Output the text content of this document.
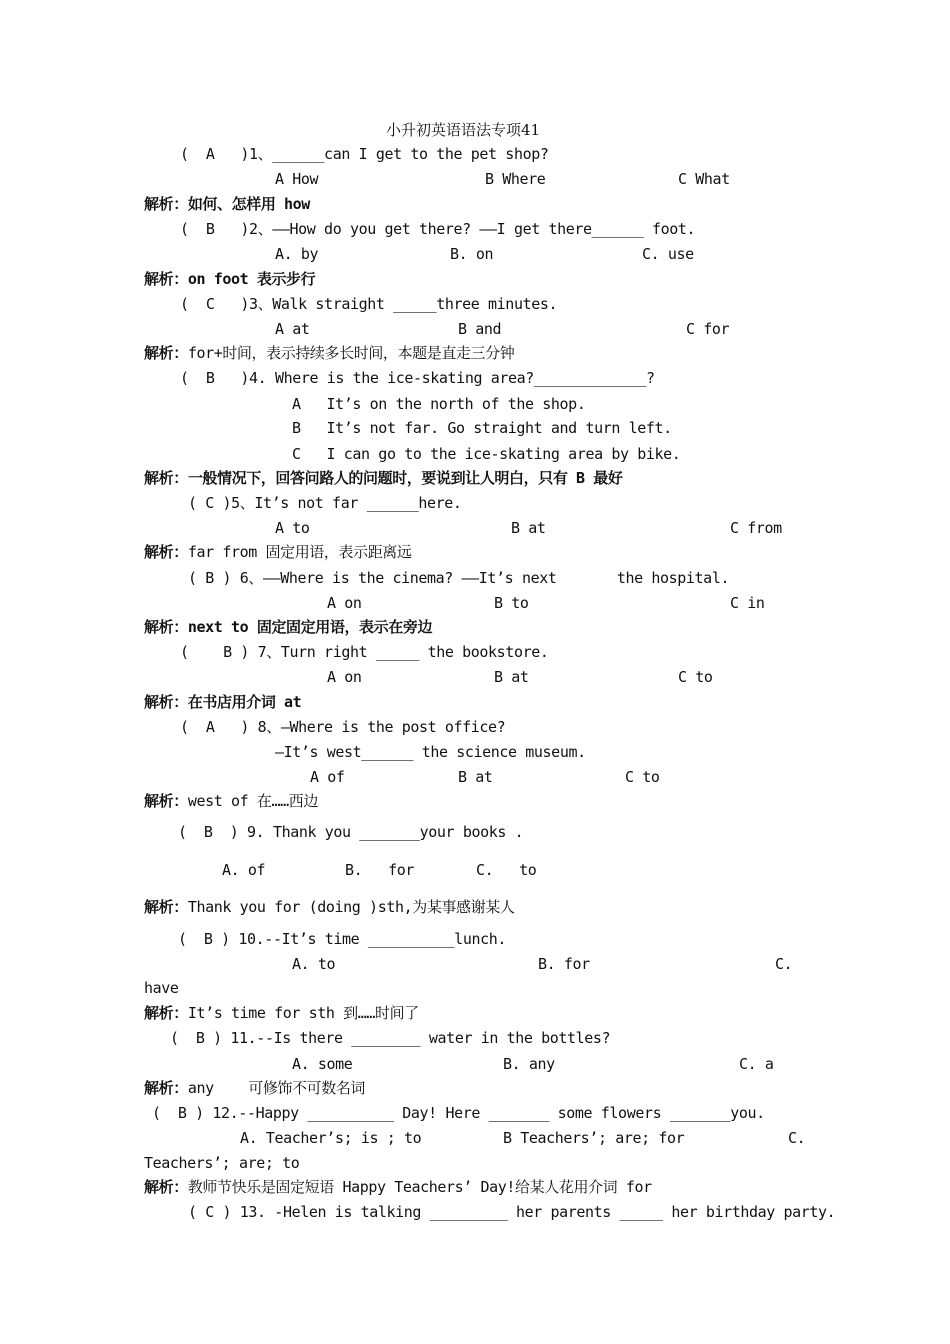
小升初英语语法专项41
(  A   )1、______can I get to the pet shop?
A How	B Where	C What
解析：如何、怎样用 how
(  B   )2、——How do you get there? ——I get there______ foot.
A. by	B. on	C. use
解析：on foot 表示步行
(  C   )3、Walk straight _____three minutes.
A at	B and	C for
解析：for+时间，表示持续多长时间，本题是直走三分钟
(  B   )4. Where is the ice-skating area?_____________?
A   It’s on the north of the shop.
B   It’s not far. Go straight and turn left.
C   I can go to the ice-skating area by bike.
解析：一般情况下，回答问路人的问题时，要说到让人明白，只有 B 最好
( C )5、It’s not far ______here.
A to	B at	C from
解析：far from 固定用语，表示距离远
( B ) 6、——Where is the cinema? ——It’s next       the hospital.
A on	B to	C in
解析：next to 固定固定用语，表示在旁边
(    B ) 7、Turn right _____ the bookstore.
A on	B at	C to
解析：在书店用介词 at
(  A   ) 8、—Where is the post office?
—It’s west______ the science museum.
A of	B at	C to
解析：west of 在……西边
(  B  ) 9. Thank you _______your books .
A. of	B.   for	C.   to
解析：Thank you for (doing )sth,为某事感谢某人
(  B ) 10.--It’s time __________lunch.
A. to	B. for	C.
have
解析：It’s time for sth 到……时间了
(  B ) 11.--Is there ________ water in the bottles?
A. some	B. any	C. a
解析：any    可修饰不可数名词
(  B ) 12.--Happy __________ Day! Here _______ some flowers _______you.
A. Teacher’s; is ; to	B Teachers’; are; for	C.
Teachers’; are; to
解析：教师节快乐是固定短语 Happy Teachers’ Day!给某人花用介词 for
( C ) 13. -Helen is talking _________ her parents _____ her birthday party.
